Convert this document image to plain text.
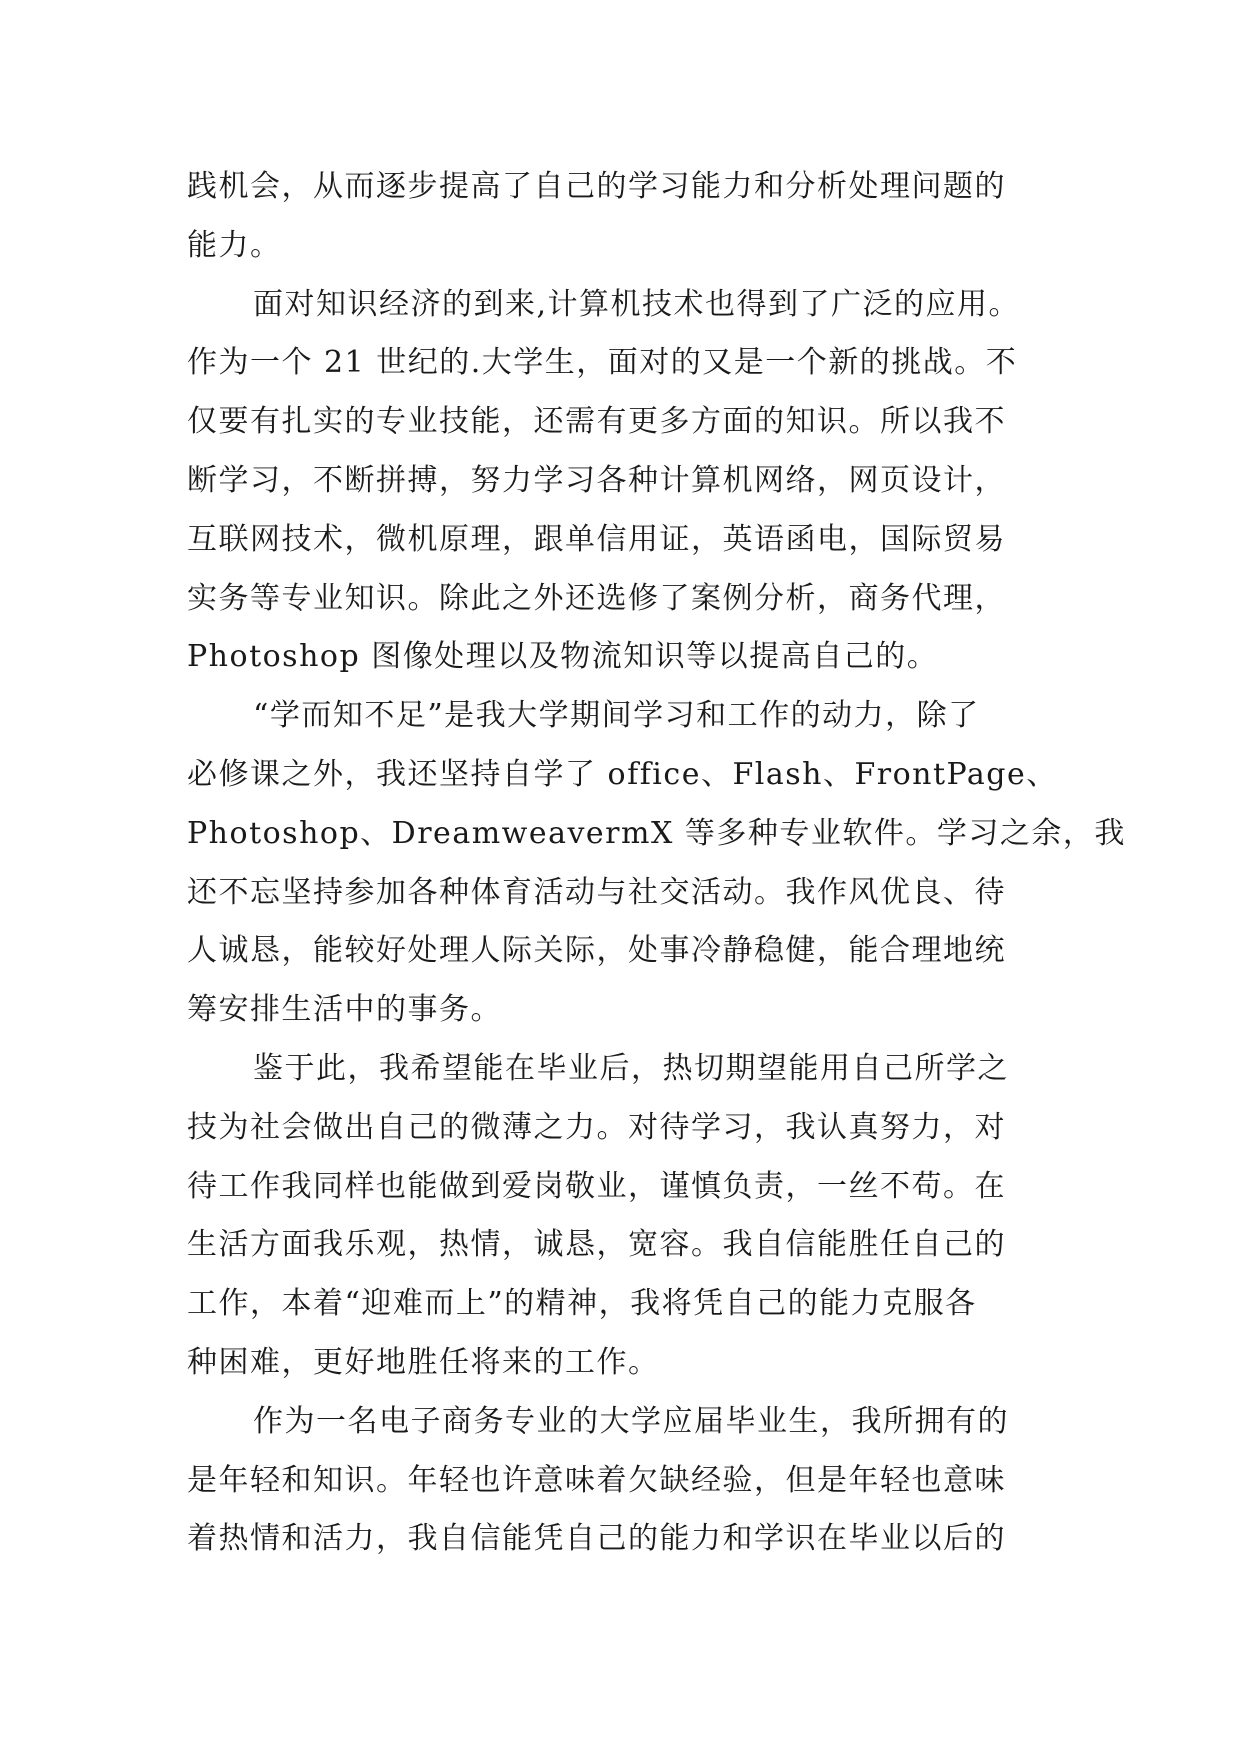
践机会，从而逐步提高了自己的学习能力和分析处理问题的
能力。
面对知识经济的到来,计算机技术也得到了广泛的应用。
作为一个 21 世纪的.大学生，面对的又是一个新的挑战。不
仅要有扎实的专业技能，还需有更多方面的知识。所以我不
断学习，不断拼搏，努力学习各种计算机网络，网页设计，
互联网技术，微机原理，跟单信用证，英语函电，国际贸易
实务等专业知识。除此之外还选修了案例分析，商务代理，
Photoshop 图像处理以及物流知识等以提高自己的。
“学而知不足”是我大学期间学习和工作的动力，除了
必修课之外，我还坚持自学了 office、Flash、FrontPage、
Photoshop、DreamweavermX 等多种专业软件。学习之余，我
还不忘坚持参加各种体育活动与社交活动。我作风优良、待
人诚恳，能较好处理人际关际，处事冷静稳健，能合理地统
筹安排生活中的事务。
鉴于此，我希望能在毕业后，热切期望能用自己所学之
技为社会做出自己的微薄之力。对待学习，我认真努力，对
待工作我同样也能做到爱岗敬业，谨慎负责，一丝不苟。在
生活方面我乐观，热情，诚恳，宽容。我自信能胜任自己的
工作，本着“迎难而上”的精神，我将凭自己的能力克服各
种困难，更好地胜任将来的工作。
作为一名电子商务专业的大学应届毕业生，我所拥有的
是年轻和知识。年轻也许意味着欠缺经验，但是年轻也意味
着热情和活力，我自信能凭自己的能力和学识在毕业以后的
